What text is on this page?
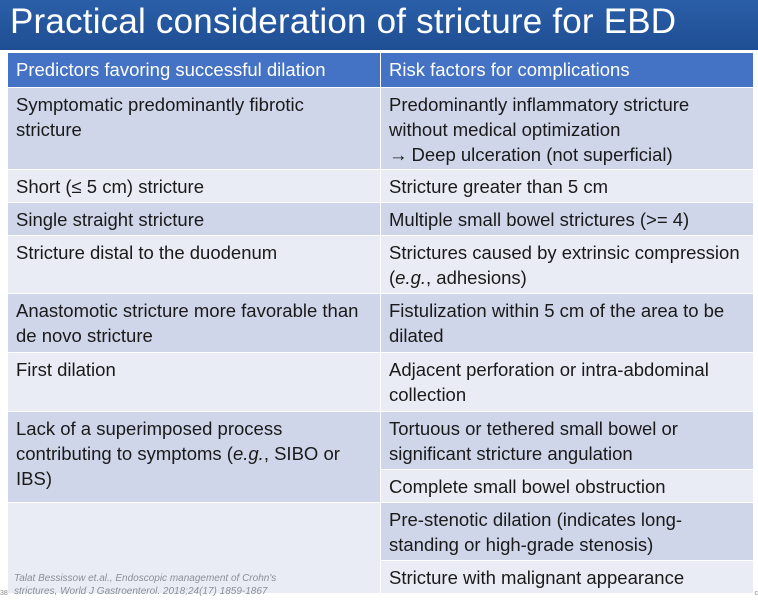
Practical consideration of stricture for EBD
Predictors favoring successful dilation	Risk factors for complications
Symptomatic predominantly fibrotic stricture	Predominantly inflammatory stricture without medical optimization
→ Deep ulceration (not superficial)
Short (≤ 5 cm) stricture	Stricture greater than 5 cm
Single straight stricture	Multiple small bowel strictures (>= 4)
Stricture distal to the duodenum	Strictures caused by extrinsic compression (e.g., adhesions)
Anastomotic stricture more favorable than de novo stricture	Fistulization within 5 cm of the area to be dilated
First dilation	Adjacent perforation or intra-abdominal collection
Lack of a superimposed process contributing to symptoms (e.g., SIBO or IBS)	Tortuous or tethered small bowel or significant stricture angulation
	Complete small bowel obstruction
	Pre-stenotic dilation (indicates long-standing or high-grade stenosis)
	Stricture with malignant appearance
Talat Bessissow et.al., Endoscopic management of Crohn's
strictures, World J Gastroenterol. 2018;24(17) 1859-1867
38	c
